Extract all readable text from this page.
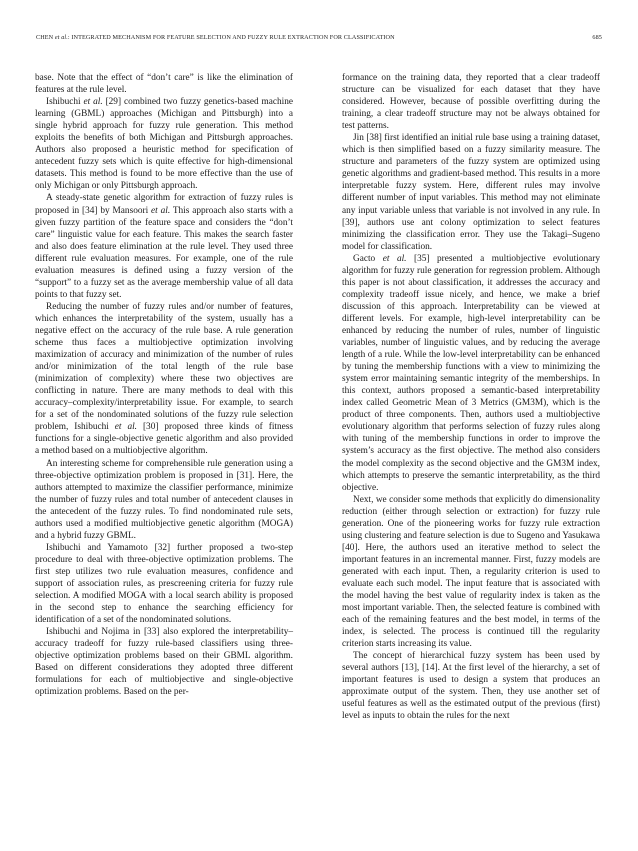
CHEN et al.: INTEGRATED MECHANISM FOR FEATURE SELECTION AND FUZZY RULE EXTRACTION FOR CLASSIFICATION	685

base. Note that the effect of “don’t care” is like the elimination of features at the rule level.

Ishibuchi et al. [29] combined two fuzzy genetics-based machine learning (GBML) approaches (Michigan and Pittsburgh) into a single hybrid approach for fuzzy rule generation. This method exploits the benefits of both Michigan and Pittsburgh approaches. Authors also proposed a heuristic method for specification of antecedent fuzzy sets which is quite effective for high-dimensional datasets. This method is found to be more effective than the use of only Michigan or only Pittsburgh approach.

A steady-state genetic algorithm for extraction of fuzzy rules is proposed in [34] by Mansoori et al. This approach also starts with a given fuzzy partition of the feature space and considers the “don’t care” linguistic value for each feature. This makes the search faster and also does feature elimination at the rule level. They used three different rule evaluation measures. For example, one of the rule evaluation measures is defined using a fuzzy version of the “support” to a fuzzy set as the average membership value of all data points to that fuzzy set.

Reducing the number of fuzzy rules and/or number of features, which enhances the interpretability of the system, usually has a negative effect on the accuracy of the rule base. A rule generation scheme thus faces a multiobjective optimization involving maximization of accuracy and minimization of the number of rules and/or minimization of the total length of the rule base (minimization of complexity) where these two objectives are conflicting in nature. There are many methods to deal with this accuracy–complexity/interpretability issue. For example, to search for a set of the nondominated solutions of the fuzzy rule selection problem, Ishibuchi et al. [30] proposed three kinds of fitness functions for a single-objective genetic algorithm and also provided a method based on a multiobjective algorithm.

An interesting scheme for comprehensible rule generation using a three-objective optimization problem is proposed in [31]. Here, the authors attempted to maximize the classifier performance, minimize the number of fuzzy rules and total number of antecedent clauses in the antecedent of the fuzzy rules. To find nondominated rule sets, authors used a modified multiobjective genetic algorithm (MOGA) and a hybrid fuzzy GBML.

Ishibuchi and Yamamoto [32] further proposed a two-step procedure to deal with three-objective optimization problems. The first step utilizes two rule evaluation measures, confidence and support of association rules, as prescreening criteria for fuzzy rule selection. A modified MOGA with a local search ability is proposed in the second step to enhance the searching efficiency for identification of a set of the nondominated solutions.

Ishibuchi and Nojima in [33] also explored the interpretability–accuracy tradeoff for fuzzy rule-based classifiers using three-objective optimization problems based on their GBML algorithm. Based on different considerations they adopted three different formulations for each of multiobjective and single-objective optimization problems. Based on the per-

formance on the training data, they reported that a clear tradeoff structure can be visualized for each dataset that they have considered. However, because of possible overfitting during the training, a clear tradeoff structure may not be always obtained for test patterns.

Jin [38] first identified an initial rule base using a training dataset, which is then simplified based on a fuzzy similarity measure. The structure and parameters of the fuzzy system are optimized using genetic algorithms and gradient-based method. This results in a more interpretable fuzzy system. Here, different rules may involve different number of input variables. This method may not eliminate any input variable unless that variable is not involved in any rule. In [39], authors use ant colony optimization to select features minimizing the classification error. They use the Takagi–Sugeno model for classification.

Gacto et al. [35] presented a multiobjective evolutionary algorithm for fuzzy rule generation for regression problem. Although this paper is not about classification, it addresses the accuracy and complexity tradeoff issue nicely, and hence, we make a brief discussion of this approach. Interpretability can be viewed at different levels. For example, high-level interpretability can be enhanced by reducing the number of rules, number of linguistic variables, number of linguistic values, and by reducing the average length of a rule. While the low-level interpretability can be enhanced by tuning the membership functions with a view to minimizing the system error maintaining semantic integrity of the memberships. In this context, authors proposed a semantic-based interpretability index called Geometric Mean of 3 Metrics (GM3M), which is the product of three components. Then, authors used a multiobjective evolutionary algorithm that performs selection of fuzzy rules along with tuning of the membership functions in order to improve the system’s accuracy as the first objective. The method also considers the model complexity as the second objective and the GM3M index, which attempts to preserve the semantic interpretability, as the third objective.

Next, we consider some methods that explicitly do dimensionality reduction (either through selection or extraction) for fuzzy rule generation. One of the pioneering works for fuzzy rule extraction using clustering and feature selection is due to Sugeno and Yasukawa [40]. Here, the authors used an iterative method to select the important features in an incremental manner. First, fuzzy models are generated with each input. Then, a regularity criterion is used to evaluate each such model. The input feature that is associated with the model having the best value of regularity index is taken as the most important variable. Then, the selected feature is combined with each of the remaining features and the best model, in terms of the index, is selected. The process is continued till the regularity criterion starts increasing its value.

The concept of hierarchical fuzzy system has been used by several authors [13], [14]. At the first level of the hierarchy, a set of important features is used to design a system that produces an approximate output of the system. Then, they use another set of useful features as well as the estimated output of the previous (first) level as inputs to obtain the rules for the next
